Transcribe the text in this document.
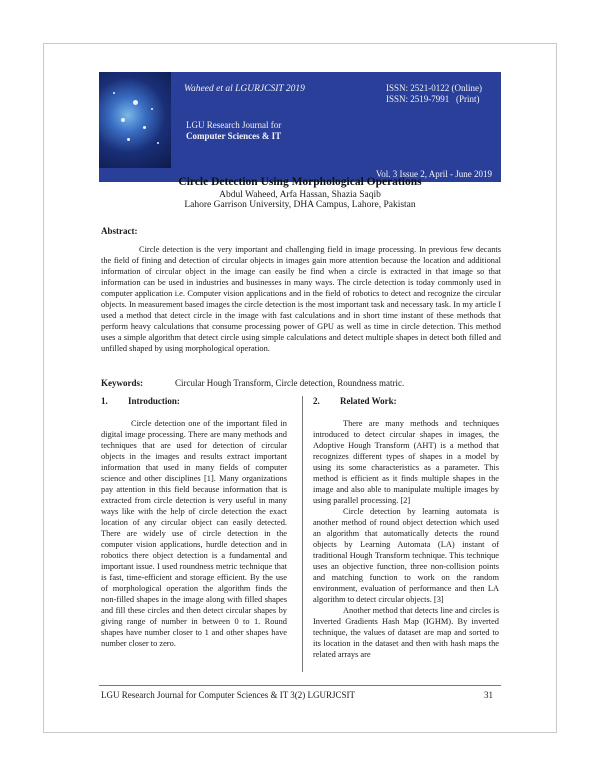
Waheed et al LGURJCSIT 2019	ISSN: 2521-0122 (Online)
ISSN: 2519-7991   (Print)
LGU Research Journal for
Computer Sciences & IT
Vol. 3 Issue 2, April - June 2019
Circle Detection Using Morphological Operations
Abdul Waheed, Arfa Hassan, Shazia Saqib
Lahore Garrison University, DHA Campus, Lahore, Pakistan
Abstract:
Circle detection is the very important and challenging field in image processing. In previous few decants the field of fining and detection of circular objects in images gain more attention because the location and additional information of circular object in the image can easily be find when a circle is extracted in that image so that information can be used in industries and businesses in many ways. The circle detection is today commonly used in computer application i.e. Computer vision applications and in the field of robotics to detect and recognize the circular objects. In measurement based images the circle detection is the most important task and necessary task. In my article I used a method that detect circle in the image with fast calculations and in short time instant of these methods that perform heavy calculations that consume processing power of GPU as well as time in circle detection. This method uses a simple algorithm that detect circle using simple calculations and detect multiple shapes in detect both filled and unfilled shaped by using morphological operation.
Keywords:	Circular Hough Transform, Circle detection, Roundness matric.
1.	Introduction:

Circle detection one of the important filed in digital image processing. There are many methods and techniques that are used for detection of circular objects in the images and results extract important information that used in many fields of computer science and other disciplines [1]. Many organizations pay attention in this field because information that is extracted from circle detection is very useful in many ways like with the help of circle detection the exact location of any circular object can easily detected. There are widely use of circle detection in the computer vision applications, hurdle detection and in robotics there object detection is a fundamental and important issue. I used roundness metric technique that is fast, time-efficient and storage efficient. By the use of morphological operation the algorithm finds the non-filled shapes in the image along with filled shapes and fill these circles and then detect circular shapes by giving range of number in between 0 to 1. Round shapes have number closer to 1 and other shapes have number closer to zero.

2.	Related Work:

There are many methods and techniques introduced to detect circular shapes in images, the Adoptive Hough Transform (AHT) is a method that recognizes different types of shapes in a model by using its some characteristics as a parameter. This method is efficient as it finds multiple shapes in the image and also able to manipulate multiple images by using parallel processing. [2]

Circle detection by learning automata is another method of round object detection which used an algorithm that automatically detects the round objects by Learning Automata (LA) instant of traditional Hough Transform technique. This technique uses an objective function, three non-collision points and matching function to work on the random environment, evaluation of performance and then LA algorithm to detect circular objects. [3]

Another method that detects line and circles is Inverted Gradients Hash Map (IGHM). By inverted technique, the values of dataset are map and sorted to its location in the dataset and then with hash maps the related arrays are

LGU Research Journal for Computer Sciences & IT 3(2) LGURJCSIT	31
